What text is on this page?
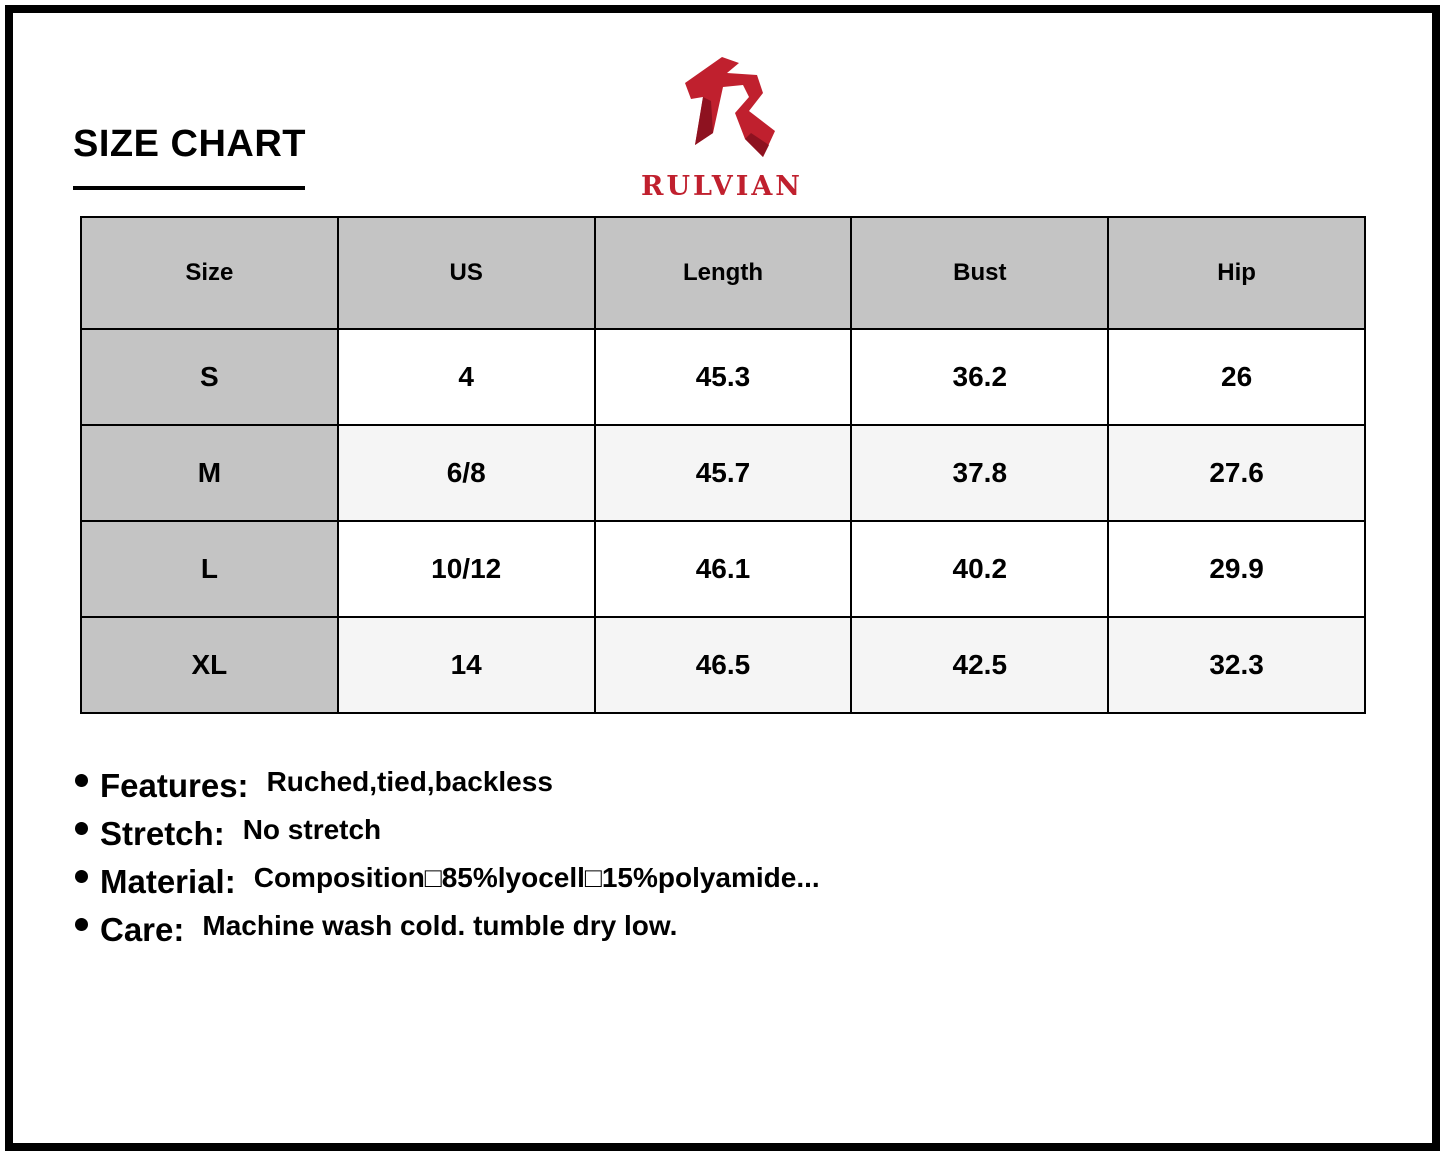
SIZE CHART
RULVIAN
Size	US	Length	Bust	Hip
S	4	45.3	36.2	26
M	6/8	45.7	37.8	27.6
L	10/12	46.1	40.2	29.9
XL	14	46.5	42.5	32.3
Features: Ruched,tied,backless
Stretch: No stretch
Material: Composition□85%lyocell□15%polyamide...
Care: Machine wash cold. tumble dry low.
